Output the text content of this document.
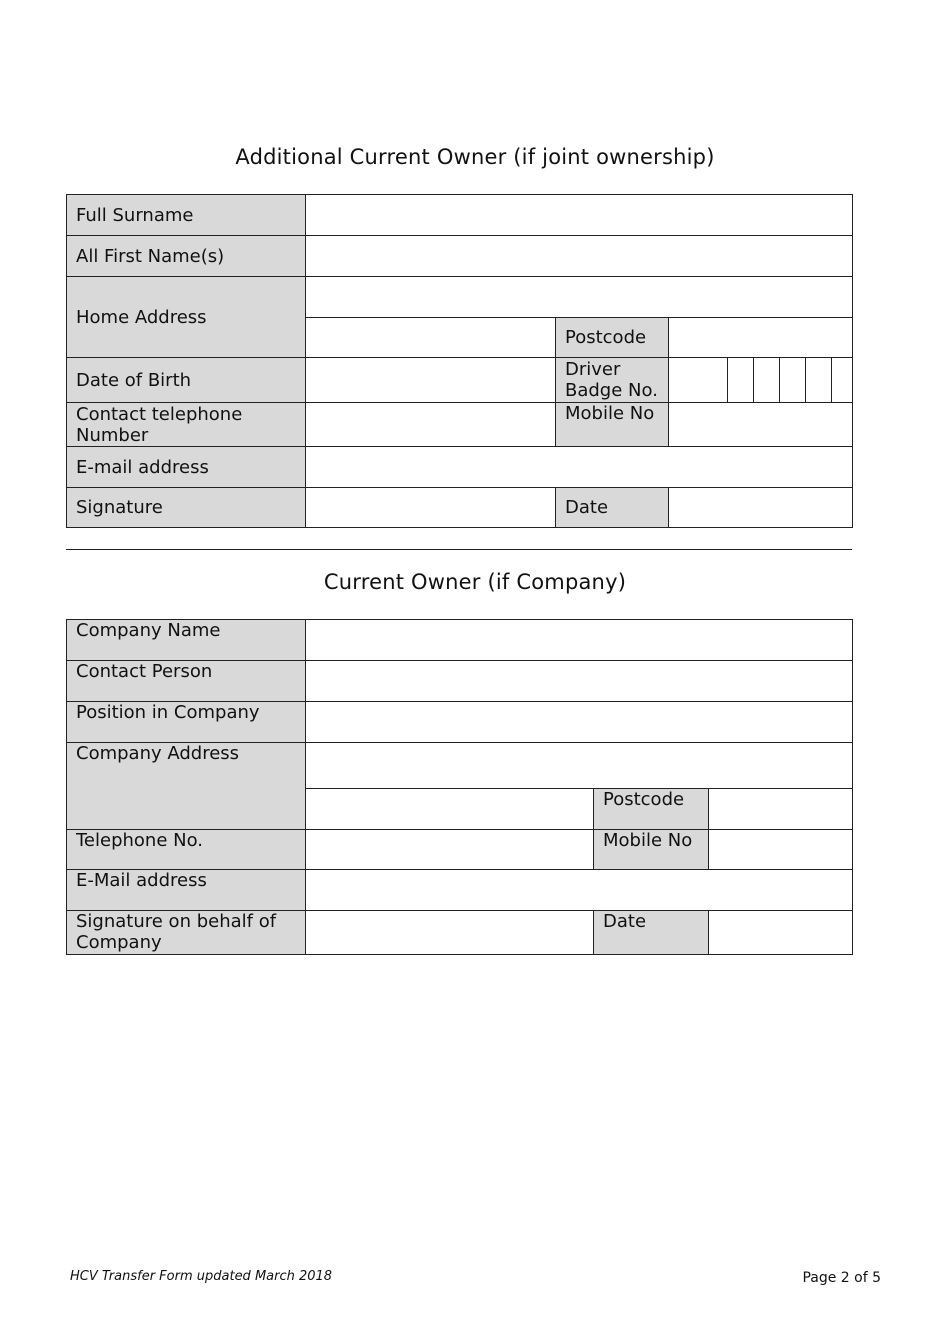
Additional Current Owner (if joint ownership)
Full Surname			
All First Name(s)			
Home Address			
		Postcode	
Date of Birth		Driver Badge No.	

Contact telephone Number		Mobile No	
E-mail address			
Signature		Date	
Current Owner (if Company)
Company Name			
Contact Person			
Position in Company			
Company Address			
		Postcode	
Telephone No.		Mobile No	
E-Mail address			
Signature on behalf of Company		Date	
HCV Transfer Form updated March 2018	Page 2 of 5
